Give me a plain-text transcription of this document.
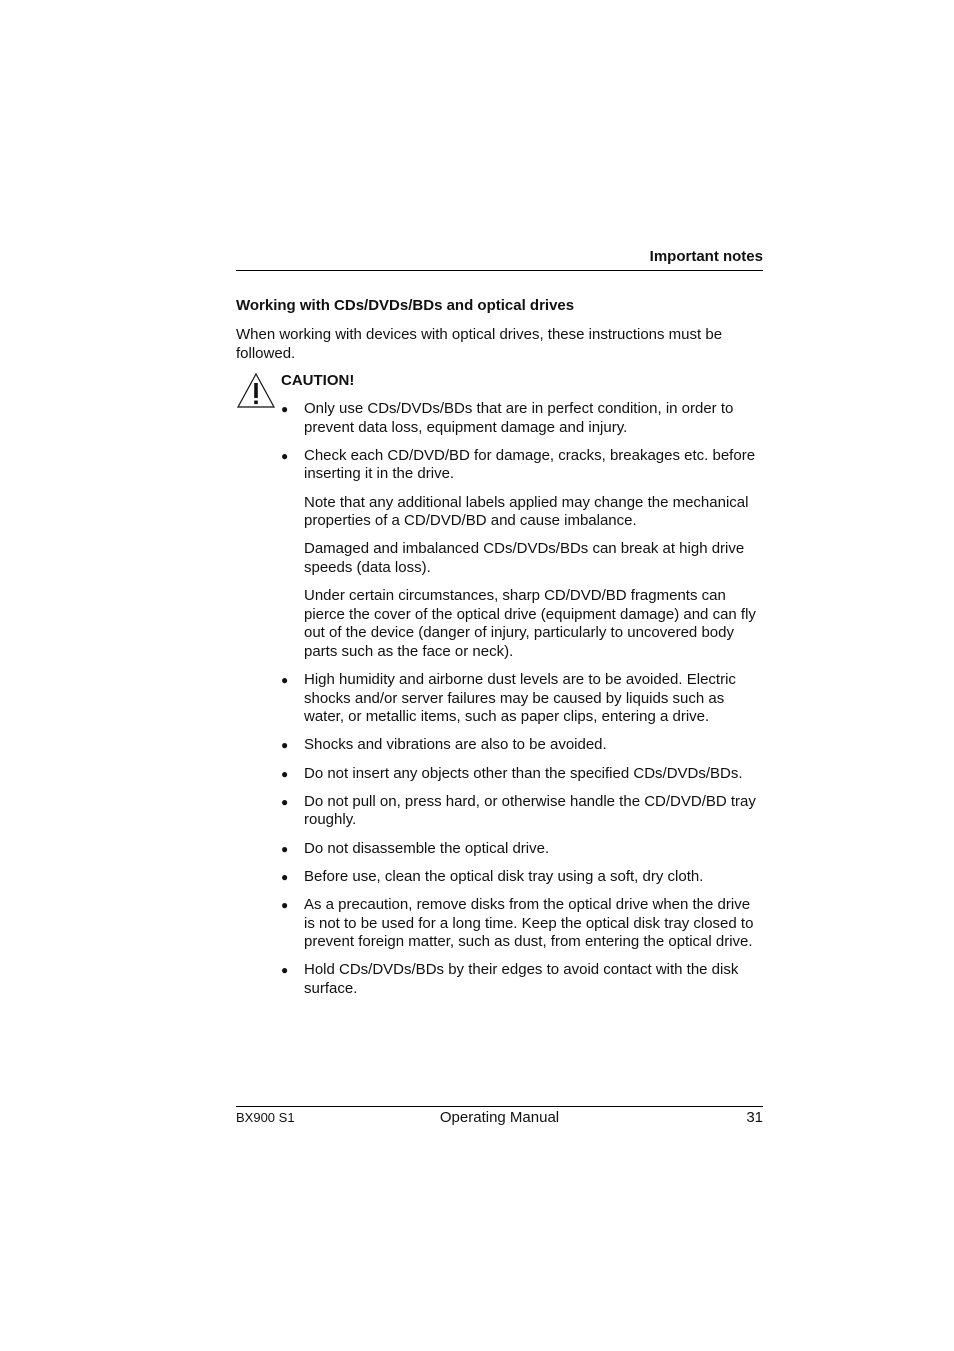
Important notes
Working with CDs/DVDs/BDs and optical drives
When working with devices with optical drives, these instructions must be followed.
CAUTION!
● Only use CDs/DVDs/BDs that are in perfect condition, in order to prevent data loss, equipment damage and injury.

● Check each CD/DVD/BD for damage, cracks, breakages etc. before inserting it in the drive.

Note that any additional labels applied may change the mechanical properties of a CD/DVD/BD and cause imbalance.

Damaged and imbalanced CDs/DVDs/BDs can break at high drive speeds (data loss).

Under certain circumstances, sharp CD/DVD/BD fragments can pierce the cover of the optical drive (equipment damage) and can fly out of the device (danger of injury, particularly to uncovered body parts such as the face or neck).

● High humidity and airborne dust levels are to be avoided. Electric shocks and/or server failures may be caused by liquids such as water, or metallic items, such as paper clips, entering a drive.

● Shocks and vibrations are also to be avoided.

● Do not insert any objects other than the specified CDs/DVDs/BDs.

● Do not pull on, press hard, or otherwise handle the CD/DVD/BD tray roughly.

● Do not disassemble the optical drive.

● Before use, clean the optical disk tray using a soft, dry cloth.

● As a precaution, remove disks from the optical drive when the drive is not to be used for a long time. Keep the optical disk tray closed to prevent foreign matter, such as dust, from entering the optical drive.

● Hold CDs/DVDs/BDs by their edges to avoid contact with the disk surface.

BX900 S1	Operating Manual	31
